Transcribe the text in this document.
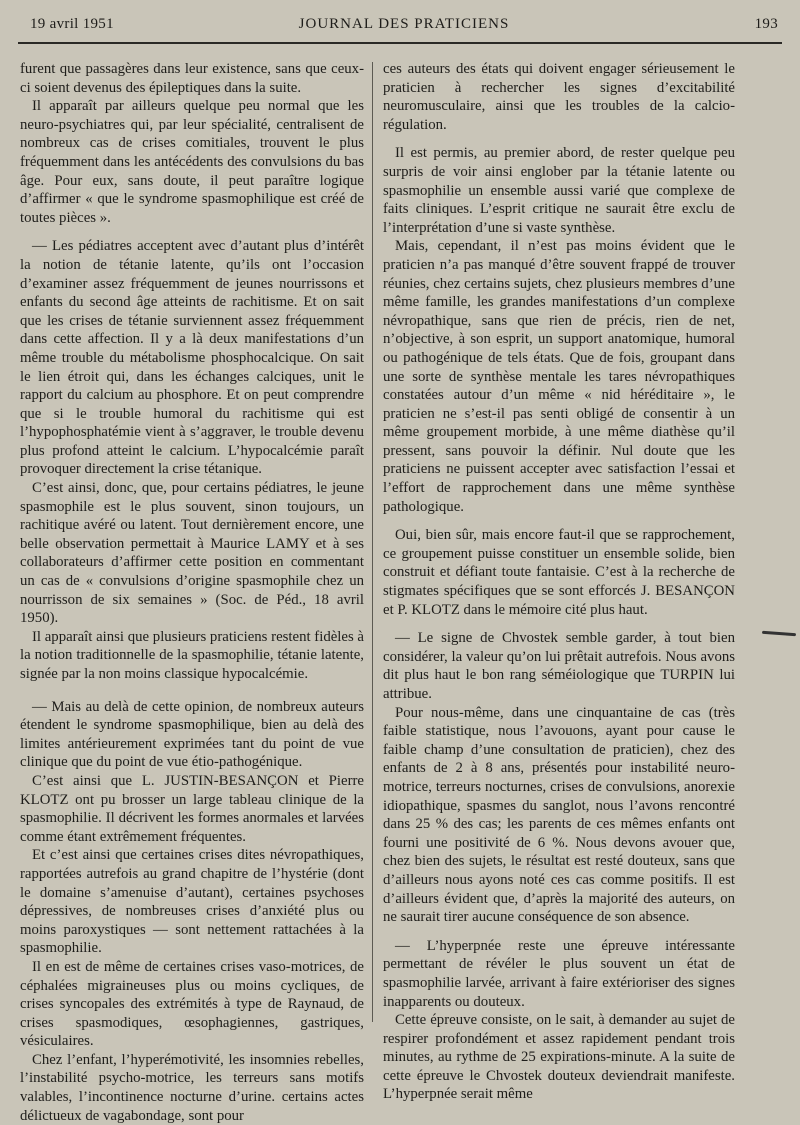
19 avril 1951	JOURNAL DES PRATICIENS	193

furent que passagères dans leur existence, sans que ceux-ci soient devenus des épileptiques dans la suite.

Il apparaît par ailleurs quelque peu normal que les neuro-psychiatres qui, par leur spécialité, centralisent de nombreux cas de crises comitiales, trouvent le plus fréquemment dans les antécédents des convulsions du bas âge. Pour eux, sans doute, il peut paraître logique d’affirmer « que le syndrome spasmophilique est créé de toutes pièces ».

— Les pédiatres acceptent avec d’autant plus d’intérêt la notion de tétanie latente, qu’ils ont l’occasion d’examiner assez fréquemment de jeunes nourrissons et enfants du second âge atteints de rachitisme. Et on sait que les crises de tétanie surviennent assez fréquemment dans cette affection. Il y a là deux manifestations d’un même trouble du métabolisme phosphocalcique. On sait le lien étroit qui, dans les échanges calciques, unit le rapport du calcium au phosphore. Et on peut comprendre que si le trouble humoral du rachitisme qui est l’hypophosphatémie vient à s’aggraver, le trouble devenu plus profond atteint le calcium. L’hypocalcémie paraît provoquer directement la crise tétanique.

C’est ainsi, donc, que, pour certains pédiatres, le jeune spasmophile est le plus souvent, sinon toujours, un rachitique avéré ou latent. Tout dernièrement encore, une belle observation permettait à Maurice LAMY et à ses collaborateurs d’affirmer cette position en commentant un cas de « convulsions d’origine spasmophile chez un nourrisson de six semaines » (Soc. de Péd., 18 avril 1950).

Il apparaît ainsi que plusieurs praticiens restent fidèles à la notion traditionnelle de la spasmophilie, tétanie latente, signée par la non moins classique hypocalcémie.

— Mais au delà de cette opinion, de nombreux auteurs étendent le syndrome spasmophilique, bien au delà des limites antérieurement exprimées tant du point de vue clinique que du point de vue étio-pathogénique.

C’est ainsi que L. JUSTIN-BESANÇON et Pierre KLOTZ ont pu brosser un large tableau clinique de la spasmophilie. Il décrivent les formes anormales et larvées comme étant extrêmement fréquentes.

Et c’est ainsi que certaines crises dites névropathiques, rapportées autrefois au grand chapitre de l’hystérie (dont le domaine s’amenuise d’autant), certaines psychoses dépressives, de nombreuses crises d’anxiété plus ou moins paroxystiques — sont nettement rattachées à la spasmophilie.

Il en est de même de certaines crises vaso-motrices, de céphalées migraineuses plus ou moins cycliques, de crises syncopales des extrémités à type de Raynaud, de crises spasmodiques, œsophagiennes, gastriques, vésiculaires.

Chez l’enfant, l’hyperémotivité, les insomnies rebelles, l’instabilité psycho-motrice, les terreurs sans motifs valables, l’incontinence nocturne d’urine. certains actes délictueux de vagabondage, sont pour

ces auteurs des états qui doivent engager sérieusement le praticien à rechercher les signes d’excitabilité neuromusculaire, ainsi que les troubles de la calcio-régulation.

Il est permis, au premier abord, de rester quelque peu surpris de voir ainsi englober par la tétanie latente ou spasmophilie un ensemble aussi varié que complexe de faits cliniques. L’esprit critique ne saurait être exclu de l’interprétation d’une si vaste synthèse.

Mais, cependant, il n’est pas moins évident que le praticien n’a pas manqué d’être souvent frappé de trouver réunies, chez certains sujets, chez plusieurs membres d’une même famille, les grandes manifestations d’un complexe névropathique, sans que rien de précis, rien de net, n’objective, à son esprit, un support anatomique, humoral ou pathogénique de tels états. Que de fois, groupant dans une sorte de synthèse mentale les tares névropathiques constatées autour d’un même « nid héréditaire », le praticien ne s’est-il pas senti obligé de consentir à un même groupement morbide, à une même diathèse qu’il pressent, sans pouvoir la définir. Nul doute que les praticiens ne puissent accepter avec satisfaction l’essai et l’effort de rapprochement dans une même synthèse pathologique.

Oui, bien sûr, mais encore faut-il que se rapprochement, ce groupement puisse constituer un ensemble solide, bien construit et défiant toute fantaisie. C’est à la recherche de stigmates spécifiques que se sont efforcés J. BESANÇON et P. KLOTZ dans le mémoire cité plus haut.

— Le signe de Chvostek semble garder, à tout bien considérer, la valeur qu’on lui prêtait autrefois. Nous avons dit plus haut le bon rang séméiologique que TURPIN lui attribue.

Pour nous-même, dans une cinquantaine de cas (très faible statistique, nous l’avouons, ayant pour cause le faible champ d’une consultation de praticien), chez des enfants de 2 à 8 ans, présentés pour instabilité neuro-motrice, terreurs nocturnes, crises de convulsions, anorexie idiopathique, spasmes du sanglot, nous l’avons rencontré dans 25 % des cas; les parents de ces mêmes enfants ont fourni une positivité de 6 %. Nous devons avouer que, chez bien des sujets, le résultat est resté douteux, sans que d’ailleurs nous ayons noté ces cas comme positifs. Il est d’ailleurs évident que, d’après la majorité des auteurs, on ne saurait tirer aucune conséquence de son absence.

— L’hyperpnée reste une épreuve intéressante permettant de révéler le plus souvent un état de spasmophilie larvée, arrivant à faire extérioriser des signes inapparents ou douteux.

Cette épreuve consiste, on le sait, à demander au sujet de respirer profondément et assez rapidement pendant trois minutes, au rythme de 25 expirations-minute. A la suite de cette épreuve le Chvostek douteux deviendrait manifeste. L’hyperpnée serait même
